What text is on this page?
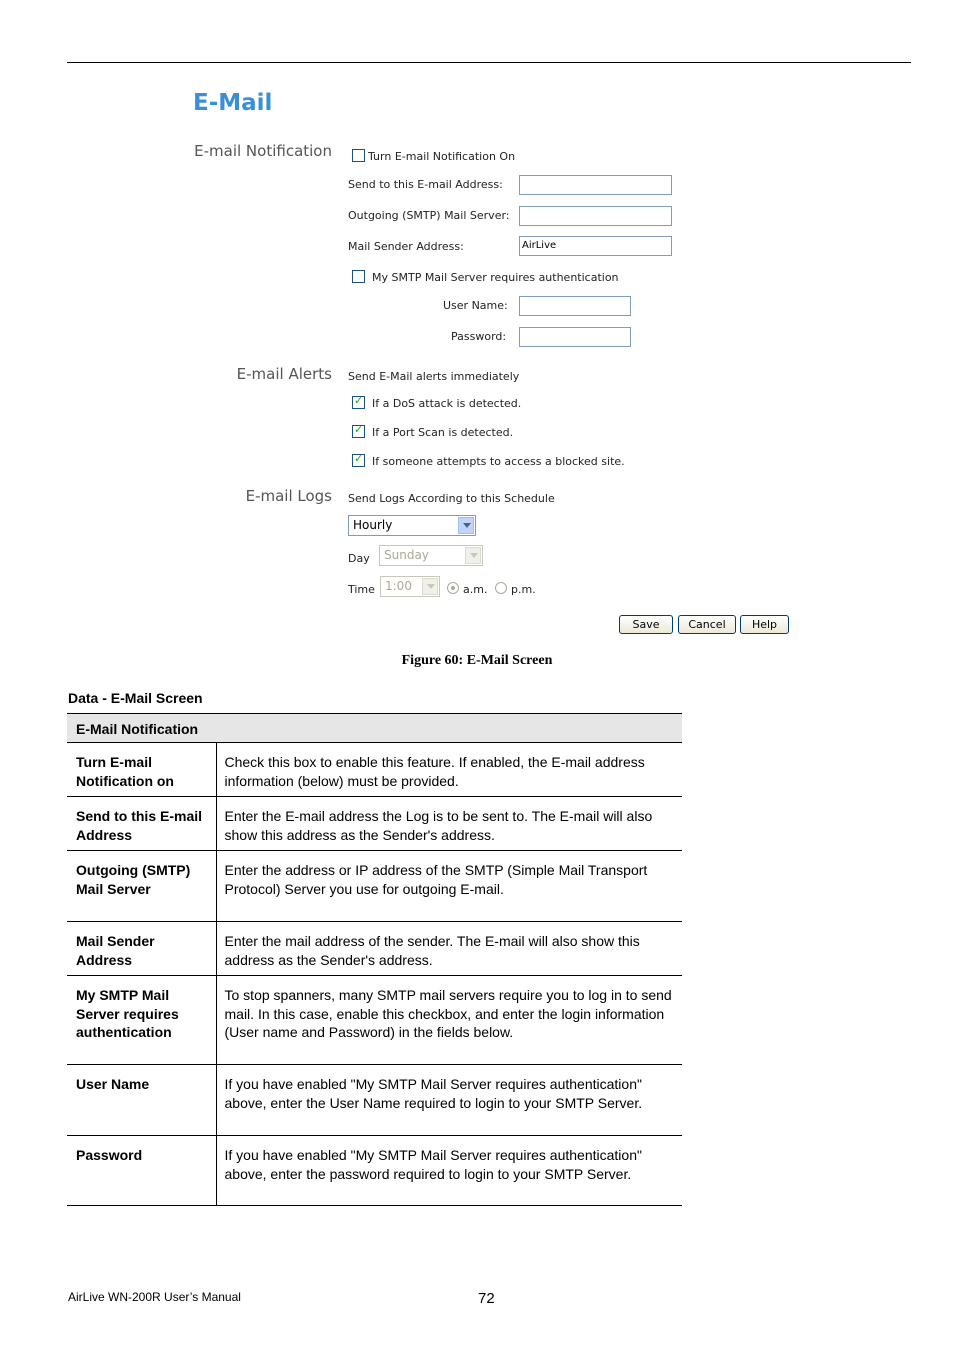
E-Mail
E-mail Notification	Turn E-mail Notification On
Send to this E-mail Address:
Outgoing (SMTP) Mail Server:
Mail Sender Address:	AirLive
My SMTP Mail Server requires authentication
User Name:
Password:
E-mail Alerts Send E-Mail alerts immediately
✓
If a DoS attack is detected.
✓
If a Port Scan is detected.
✓
If someone attempts to access a blocked site.
E-mail Logs Send Logs According to this Schedule
Hourly
Day	Sunday
Time 1:00	a.m. p.m.
Save	Cancel	Help
Figure 60: E-Mail Screen
Data - E-Mail Screen
E-Mail Notification	
Turn E-mail Notification on	Check this box to enable this feature. If enabled, the E-mail address information (below) must be provided.
Send to this E-mail Address	Enter the E-mail address the Log is to be sent to. The E-mail will also show this address as the Sender's address.
Outgoing (SMTP) Mail Server	Enter the address or IP address of the SMTP (Simple Mail Transport Protocol) Server you use for outgoing E-mail.
Mail Sender Address	Enter the mail address of the sender. The E-mail will also show this address as the Sender's address.
My SMTP Mail Server requires authentication	To stop spanners, many SMTP mail servers require you to log in to send mail. In this case, enable this checkbox, and enter the login information (User name and Password) in the fields below.
User Name	If you have enabled "My SMTP Mail Server requires authentication" above, enter the User Name required to login to your SMTP Server.
Password	If you have enabled "My SMTP Mail Server requires authentication" above, enter the password required to login to your SMTP Server.
AirLive WN-200R User’s Manual	72
